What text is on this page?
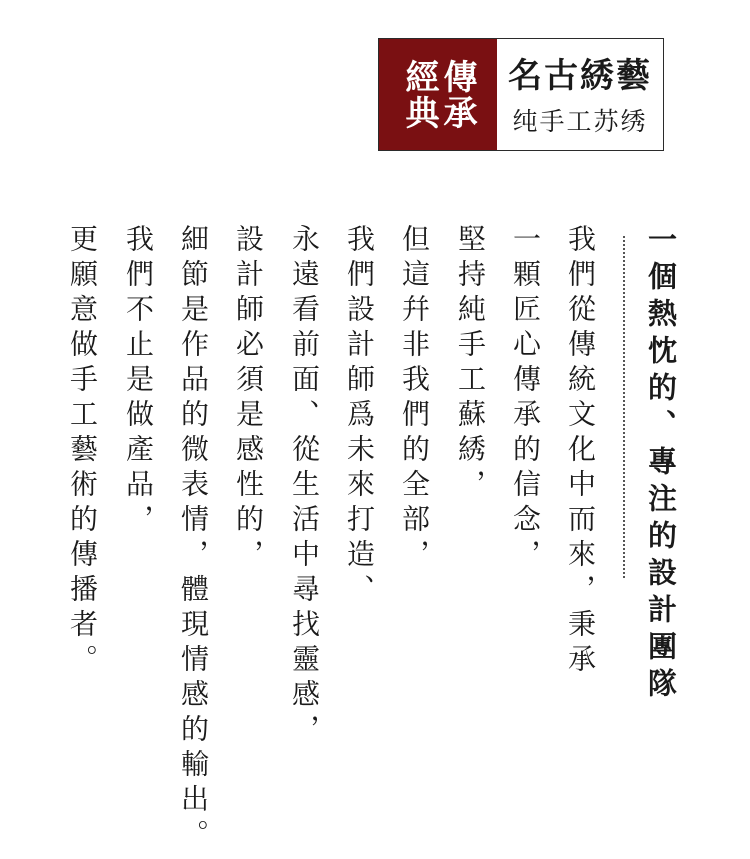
傳承
經典 名古綉藝
纯手工苏绣
一個熱忱的、專注的設計團隊
我們從傳統文化中而來，秉承
一顆匠心傳承的信念，
堅持純手工蘇綉，
但這幷非我們的全部，
我們設計師爲未來打造、
永遠看前面、從生活中尋找靈感，
設計師必須是感性的，
細節是作品的微表情，體現情感的輸出。
我們不止是做產品，
更願意做手工藝術的傳播者。
